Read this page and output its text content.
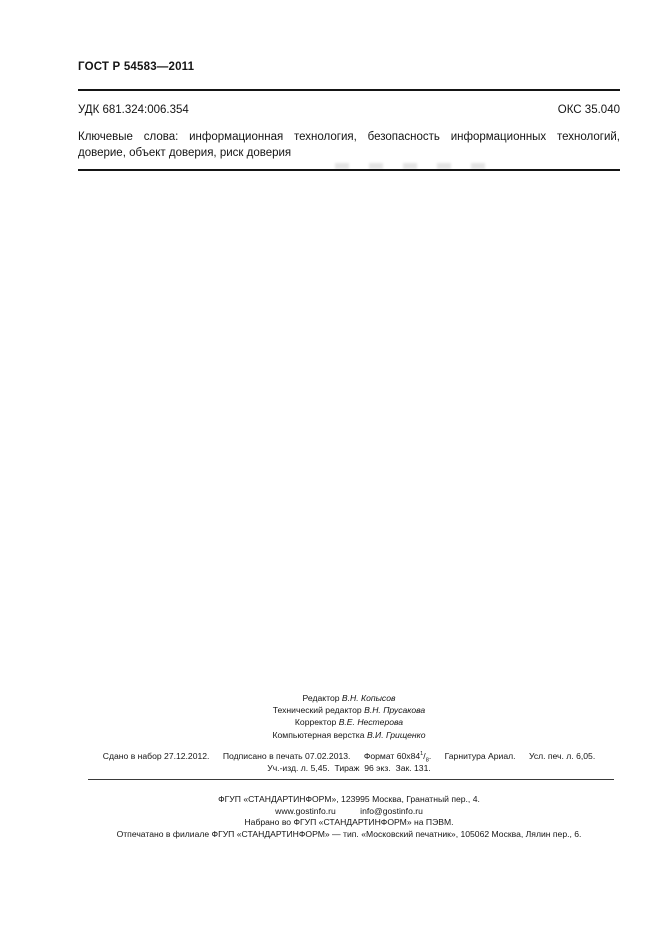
ГОСТ Р 54583—2011
УДК 681.324:006.354	ОКС 35.040
Ключевые слова: информационная технология, безопасность информационных технологий, доверие, объект доверия, риск доверия
Редактор В.Н. Копысов
Технический редактор В.Н. Прусакова
Корректор В.Е. Нестерова
Компьютерная верстка В.И. Грищенко
Сдано в набор 27.12.2012. Подписано в печать 07.02.2013. Формат $60х84^1/_8$. Гарнитура Ариал. Усл. печ. л. 6,05.
Уч.-изд. л. 5,45.  Тираж  96 экз.  Зак. 131.
ФГУП «СТАНДАРТИНФОРМ», 123995 Москва, Гранатный пер., 4.
www.gostinfo.ru	info@gostinfo.ru
Набрано во ФГУП «СТАНДАРТИНФОРМ» на ПЭВМ.
Отпечатано в филиале ФГУП «СТАНДАРТИНФОРМ» — тип. «Московский печатник», 105062 Москва, Лялин пер., 6.
